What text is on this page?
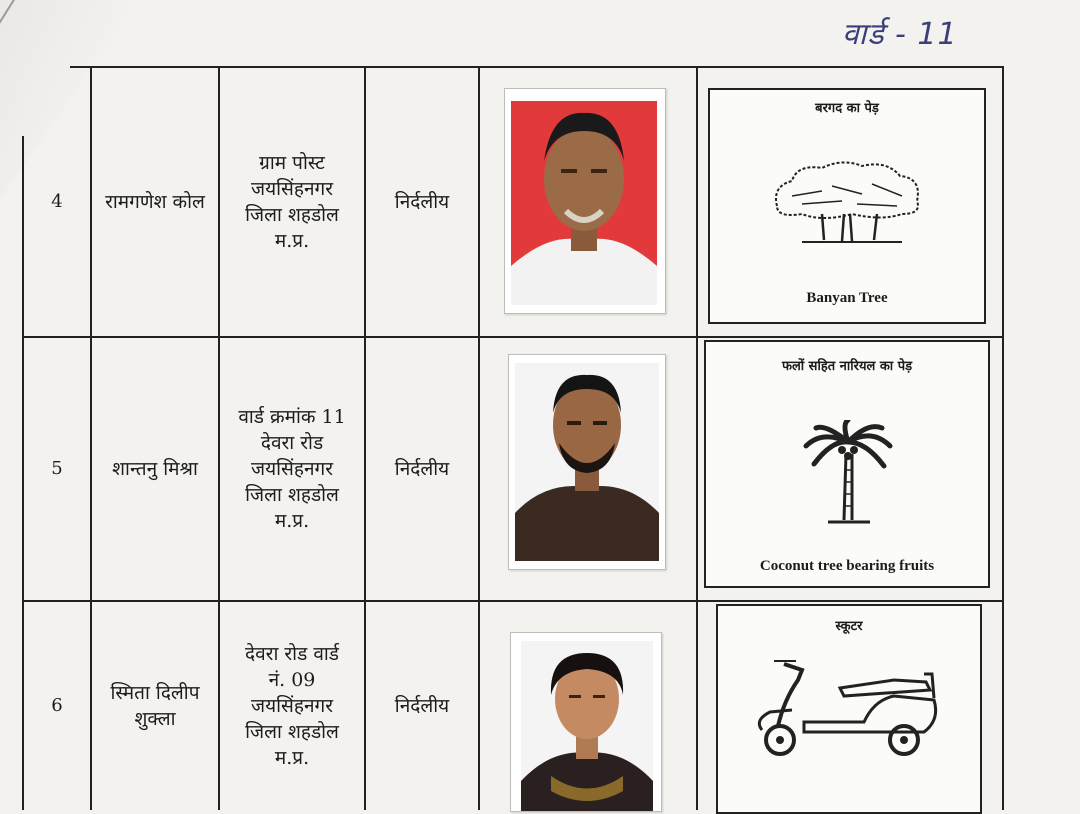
वार्ड - 11
4	रामगणेश कोल
ग्राम पोस्ट
जयसिंहनगर
जिला शहडोल
म.प्र.
निर्दलीय
बरगद का पेड़
Banyan Tree
5	शान्तनु मिश्रा
वार्ड क्रमांक 11
देवरा रोड
जयसिंहनगर
जिला शहडोल
म.प्र.
निर्दलीय
फलों सहित नारियल का पेड़
Coconut tree bearing fruits
6
स्मिता दिलीप शुक्ला
देवरा रोड वार्ड
नं. 09
जयसिंहनगर
जिला शहडोल
म.प्र.
निर्दलीय
स्कूटर
